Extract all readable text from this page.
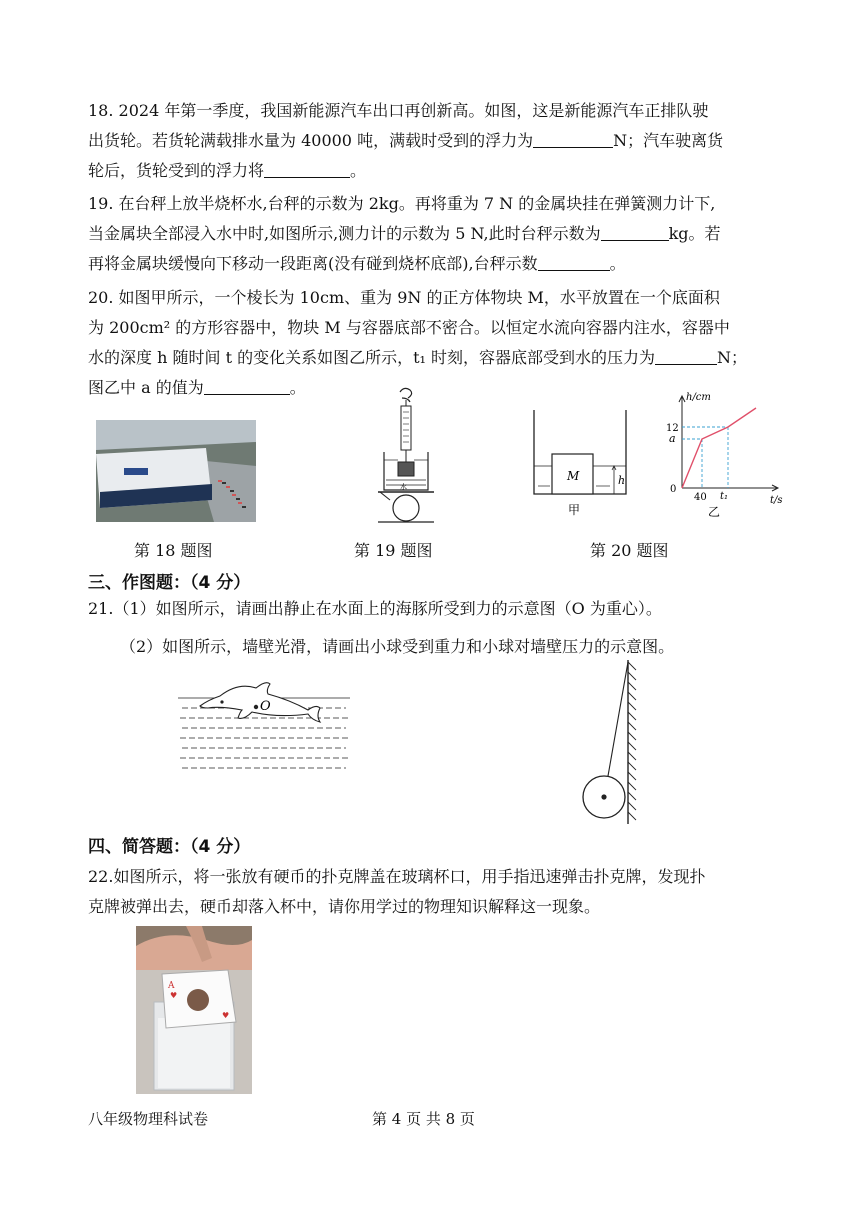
18. 2024 年第一季度，我国新能源汽车出口再创新高。如图，这是新能源汽车正排队驶
出货轮。若货轮满载排水量为 40000 吨，满载时受到的浮力为	N；汽车驶离货
轮后，货轮受到的浮力将	。
19. 在台秤上放半烧杯水,台秤的示数为 2kg。再将重为 7 N 的金属块挂在弹簧测力计下,
当金属块全部浸入水中时,如图所示,测力计的示数为 5 N,此时台秤示数为	kg。若
再将金属块缓慢向下移动一段距离(没有碰到烧杯底部),台秤示数	。
20. 如图甲所示，一个棱长为 10cm、重为 9N 的正方体物块 M，水平放置在一个底面积
为 200cm² 的方形容器中，物块 M 与容器底部不密合。以恒定水流向容器内注水，容器中
水的深度 h 随时间 t 的变化关系如图乙所示，t₁ 时刻，容器底部受到水的压力为	N；
图乙中 a 的值为	。
水
M	h
甲
h/cm
t/s
0
12
a
40 t₁
乙
第 18 题图	第 19 题图	第 20 题图
三、作图题：（4 分）
21.（1）如图所示，请画出静止在水面上的海豚所受到力的示意图（O 为重心）。
（2）如图所示，墙壁光滑，请画出小球受到重力和小球对墙壁压力的示意图。
O
四、简答题：（4 分）
22.如图所示，将一张放有硬币的扑克牌盖在玻璃杯口，用手指迅速弹击扑克牌，发现扑
克牌被弹出去，硬币却落入杯中，请你用学过的物理知识解释这一现象。
A
♥
♥
八年级物理科试卷	第 4 页 共 8 页
